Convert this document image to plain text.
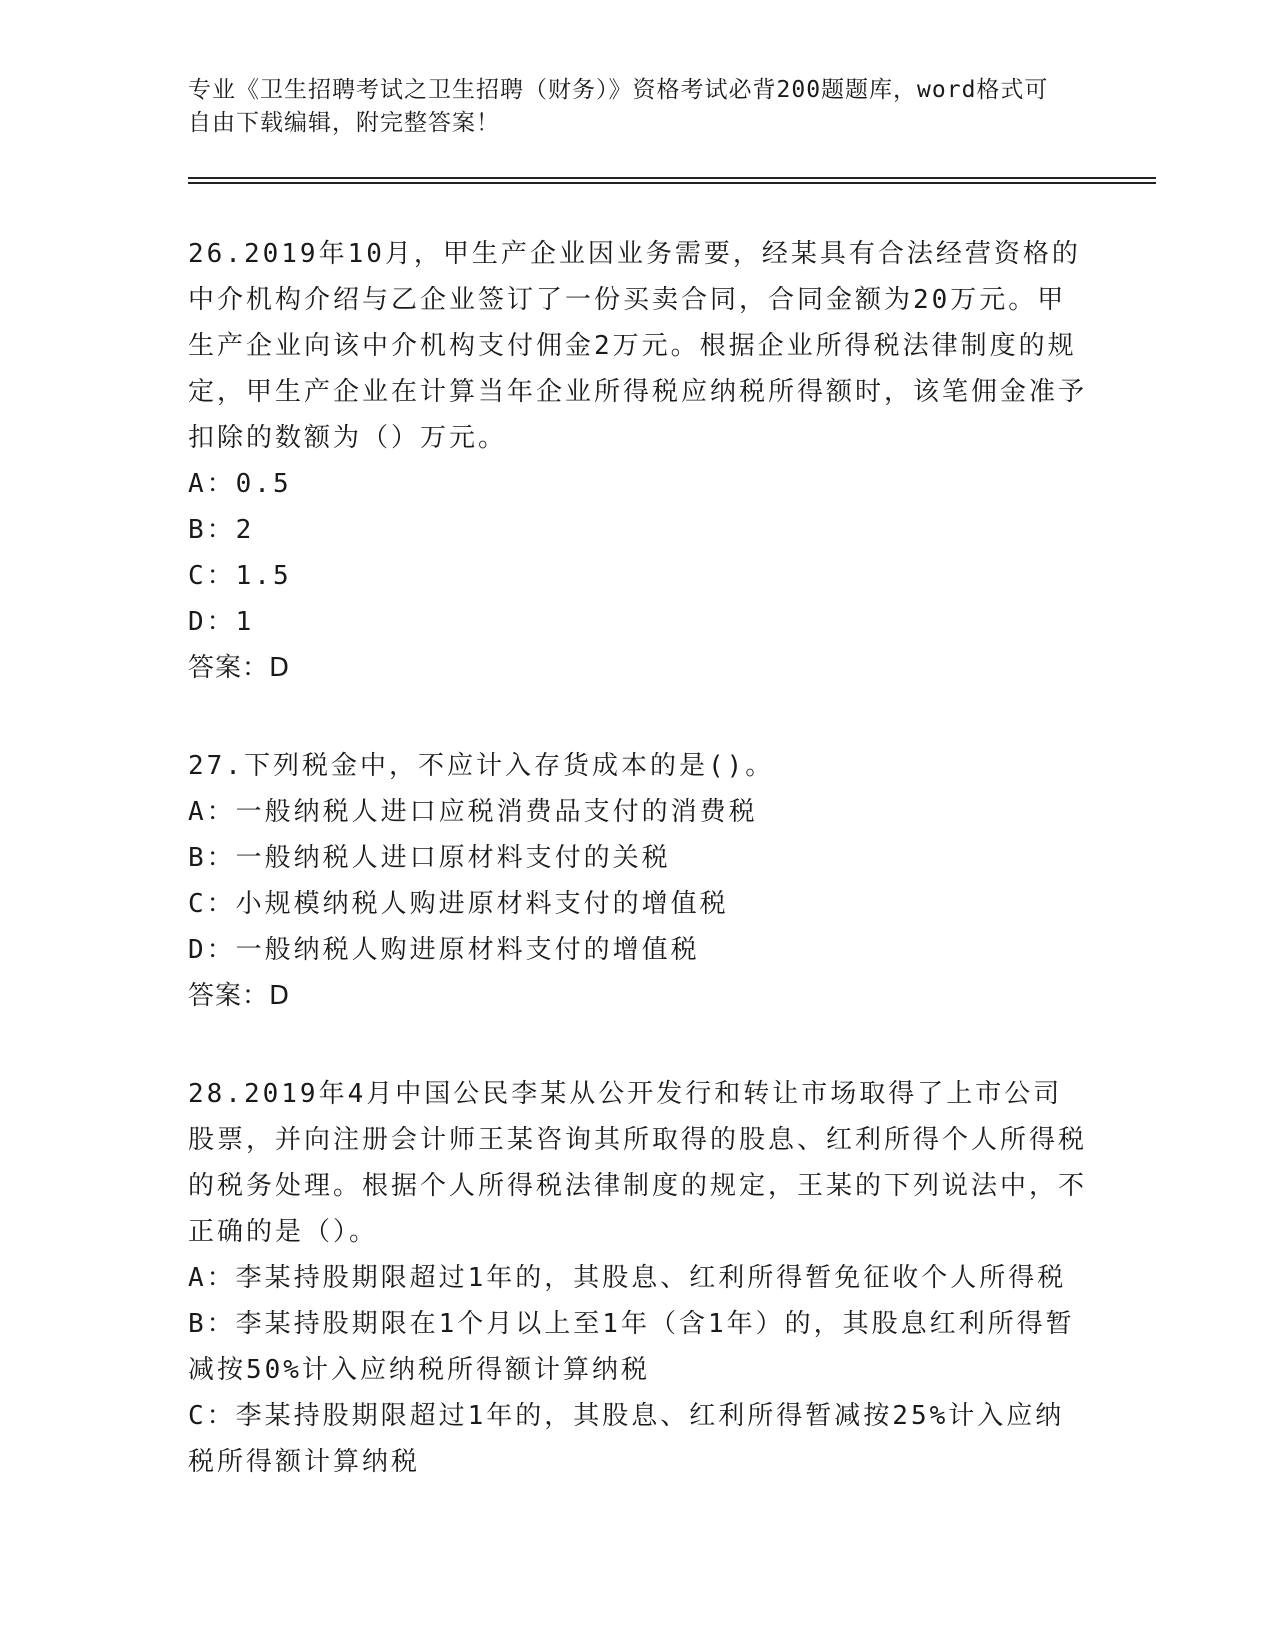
专业《卫生招聘考试之卫生招聘（财务）》资格考试必背200题题库，word格式可自由下载编辑，附完整答案！

26.2019年10月，甲生产企业因业务需要，经某具有合法经营资格的中介机构介绍与乙企业签订了一份买卖合同，合同金额为20万元。甲生产企业向该中介机构支付佣金2万元。根据企业所得税法律制度的规定，甲生产企业在计算当年企业所得税应纳税所得额时，该笔佣金准予扣除的数额为（）万元。

A：0.5

B：2

C：1.5

D：1

答案：D

27.下列税金中，不应计入存货成本的是()。

A：一般纳税人进口应税消费品支付的消费税

B：一般纳税人进口原材料支付的关税

C：小规模纳税人购进原材料支付的增值税

D：一般纳税人购进原材料支付的增值税

答案：D

28.2019年4月中国公民李某从公开发行和转让市场取得了上市公司股票，并向注册会计师王某咨询其所取得的股息、红利所得个人所得税的税务处理。根据个人所得税法律制度的规定，王某的下列说法中，不正确的是（）。

A：李某持股期限超过1年的，其股息、红利所得暂免征收个人所得税

B：李某持股期限在1个月以上至1年（含1年）的，其股息红利所得暂减按50%计入应纳税所得额计算纳税

C：李某持股期限超过1年的，其股息、红利所得暂减按25%计入应纳税所得额计算纳税
